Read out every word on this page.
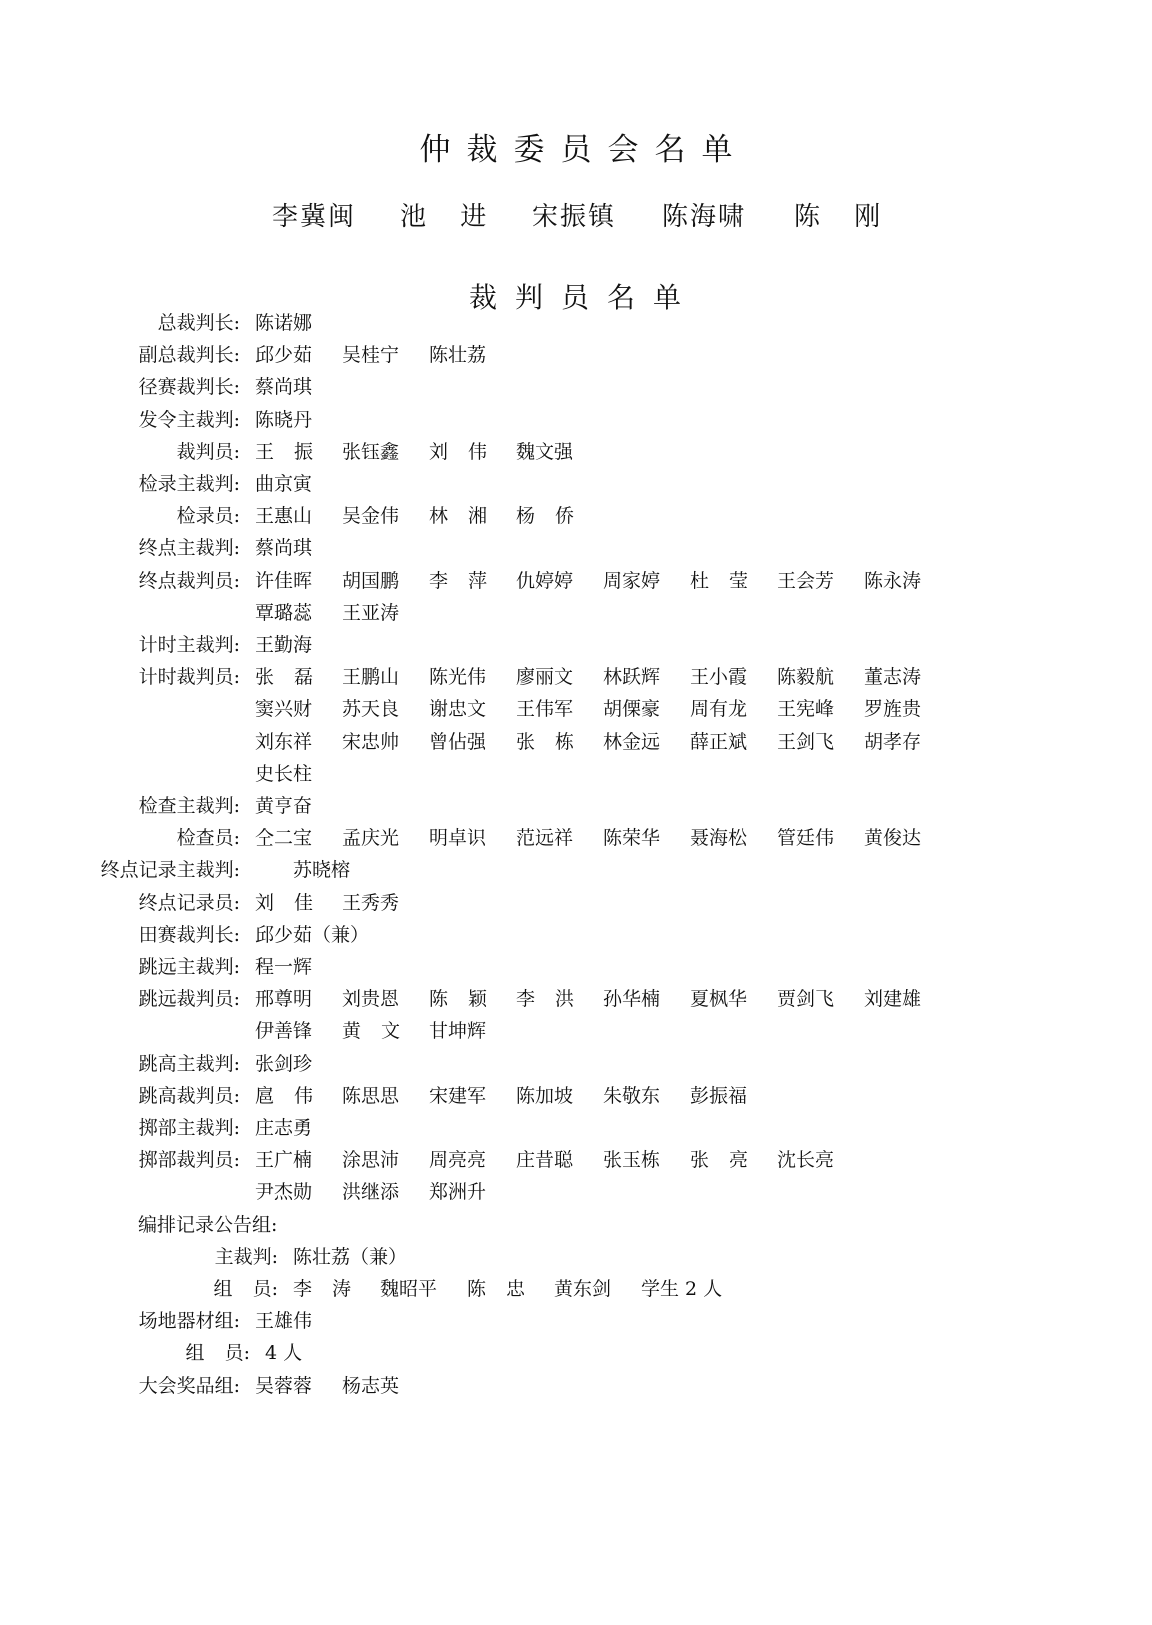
仲裁委员会名单
李冀闽 池 进 宋振镇 陈海啸 陈 刚
裁判员名单
总裁判长: 陈诺娜
副总裁判长: 邱少茹 吴桂宁 陈壮荔
径赛裁判长: 蔡尚琪
发令主裁判: 陈晓丹
裁判员: 王 振 张钰鑫 刘 伟 魏文强
检录主裁判: 曲京寅
检录员: 王惠山 吴金伟 林 湘 杨 侨
终点主裁判: 蔡尚琪
终点裁判员: 许佳晖 胡国鹏 李 萍 仇婷婷 周家婷 杜 莹 王会芳 陈永涛
覃璐蕊 王亚涛
计时主裁判: 王勤海
计时裁判员: 张 磊 王鹏山 陈光伟 廖丽文 林跃辉 王小霞 陈毅航 董志涛
窦兴财 苏天良 谢忠文 王伟军 胡傈豪 周有龙 王宪峰 罗旌贵
刘东祥 宋忠帅 曾佔强 张 栋 林金远 薛正斌 王剑飞 胡孝存
史长柱
检查主裁判: 黄亨奋
检查员: 仝二宝 孟庆光 明卓识 范远祥 陈荣华 聂海松 管廷伟 黄俊达
终点记录主裁判:	苏晓榕
终点记录员: 刘 佳 王秀秀
田赛裁判长: 邱少茹（兼）
跳远主裁判: 程一辉
跳远裁判员: 邢尊明 刘贵恩 陈 颖 李 洪 孙华楠 夏枫华 贾剑飞 刘建雄
伊善锋 黄 文 甘坤辉
跳高主裁判: 张剑珍
跳高裁判员: 扈 伟 陈思思 宋建军 陈加坡 朱敬东 彭振福
掷部主裁判: 庄志勇
掷部裁判员: 王广楠 涂思沛 周亮亮 庄昔聪 张玉栋 张 亮 沈长亮
尹杰勋 洪继添 郑洲升
编排记录公告组:
主裁判: 陈壮荔（兼）
组 员: 李 涛 魏昭平 陈 忠 黄东剑 学生 2 人
场地器材组: 王雄伟
组 员: 4 人
大会奖品组: 吴蓉蓉 杨志英
